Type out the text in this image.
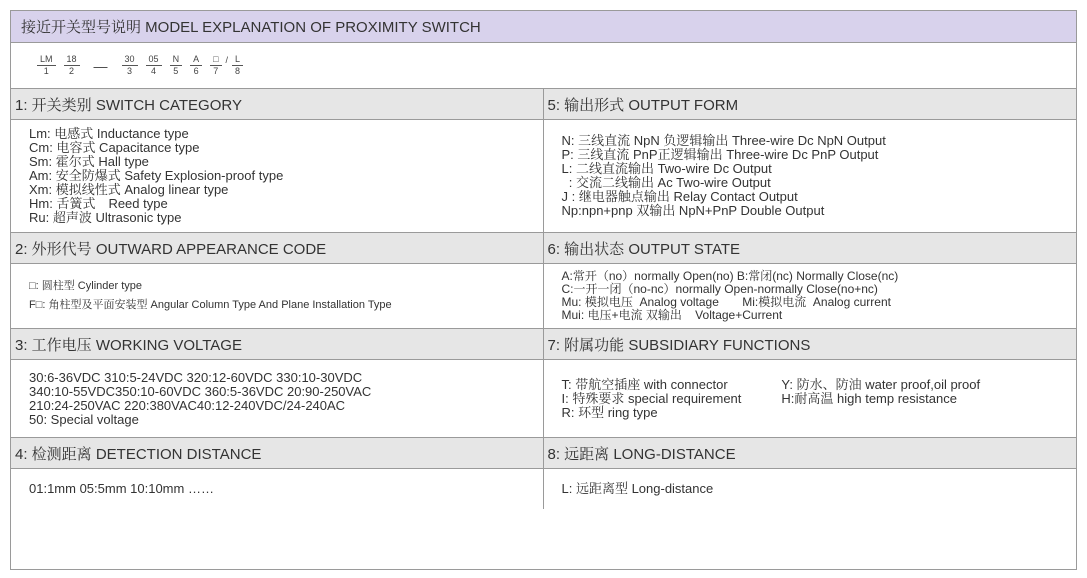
接近开关型号说明 MODEL EXPLANATION OF PROXIMITY SWITCH
LM
1
18
2 —	30
3
05
4
N
5
A
6
□
7
/ L
8
1: 开关类别 SWITCH CATEGORY
Lm: 电感式 Inductance type
Cm: 电容式 Capacitance type
Sm: 霍尔式 Hall type
Am: 安全防爆式 Safety Explosion-proof type
Xm: 模拟线性式 Analog linear type
Hm: 舌簧式　Reed type
Ru: 超声波 Ultrasonic type
2: 外形代号 OUTWARD APPEARANCE CODE
□: 圆柱型 Cylinder type
F□: 角柱型及平面安装型 Angular Column Type And Plane Installation Type
3: 工作电压 WORKING VOLTAGE
30:6-36VDC 310:5-24VDC 320:12-60VDC 330:10-30VDC
340:10-55VDC350:10-60VDC 360:5-36VDC 20:90-250VAC
210:24-250VAC 220:380VAC40:12-240VDC/24-240AC
50: Special voltage
4: 检测距离 DETECTION DISTANCE
01:1mm 05:5mm 10:10mm ……
5: 输出形式 OUTPUT FORM
N: 三线直流 NpN 负逻辑输出 Three-wire Dc NpN Output
P: 三线直流 PnP正逻辑输出 Three-wire Dc PnP Output
L: 二线直流输出 Two-wire Dc Output
: 交流二线输出 Ac Two-wire Output
J : 继电器触点输出 Relay Contact Output
Np:npn+pnp 双输出 NpN+PnP Double Output
6: 输出状态 OUTPUT STATE
A:常开（no）normally Open(no) B:常闭(nc) Normally Close(nc)
C:一开一闭（no-nc）normally Open-normally Close(no+nc)
Mu: 模拟电压  Analog voltage       Mi:模拟电流  Analog current
Mui: 电压+电流 双输出    Voltage+Current
7: 附属功能 SUBSIDIARY FUNCTIONS
T: 带航空插座 with connector
I: 特殊要求 special requirement
R: 环型 ring type
Y: 防水、防油 water proof,oil proof
H:耐高温 high temp resistance
8: 远距离 LONG-DISTANCE
L: 远距离型 Long-distance
